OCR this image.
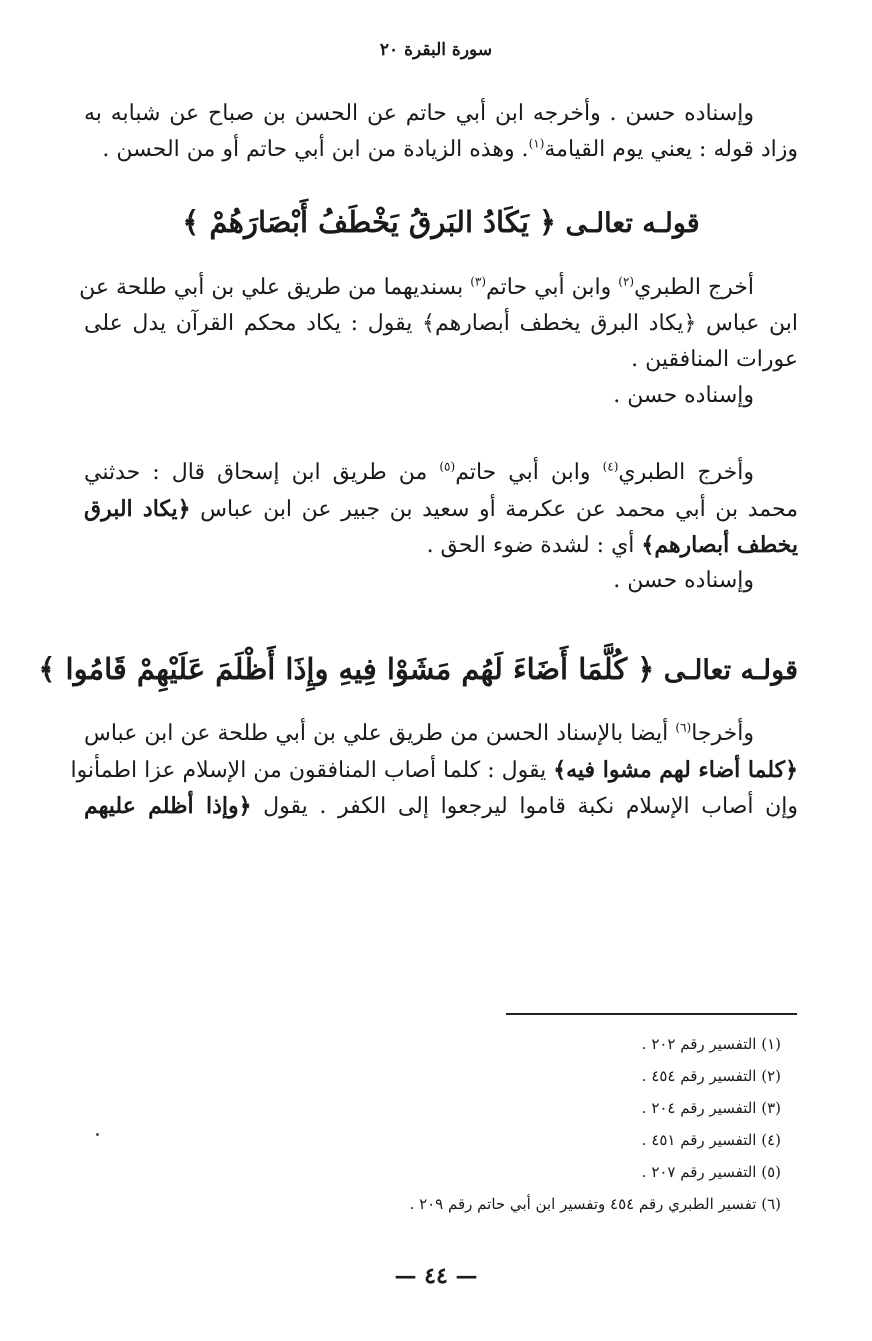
سورة البقرة ٢٠
وإسناده حسن . وأخرجه ابن أبي حاتم عن الحسن بن صباح عن شبابه به
وزاد قوله : يعني يوم القيامة$^{(١)}$. وهذه الزيادة من ابن أبي حاتم أو من الحسن .
قولـه تعالـى ﴿ يَكَادُ البَرقُ يَخْطَفُ أَبْصَارَهُمْ ﴾
أخرج الطبري$^{(٢)}$ وابن أبي حاتم$^{(٣)}$ بسنديهما من طريق علي بن أبي طلحة عن
ابن عباس ﴿يكاد البرق يخطف أبصارهم﴾ يقول : يكاد محكم القرآن يدل على
عورات المنافقين .
وإسناده حسن .
وأخرج الطبري$^{(٤)}$ وابن أبي حاتم$^{(٥)}$ من طريق ابن إسحاق قال : حدثني
محمد بن أبي محمد عن عكرمة أو سعيد بن جبير عن ابن عباس ﴿يكاد البرق
يخطف أبصارهم﴾ أي : لشدة ضوء الحق .
وإسناده حسن .
قولـه تعالـى ﴿ كُلَّمَا أَضَاءَ لَهُم مَشَوْا فِيهِ وإِذَا أَظْلَمَ عَلَيْهِمْ قَامُوا ﴾
وأخرجا$^{(٦)}$ أيضا بالإسناد الحسن من طريق علي بن أبي طلحة عن ابن عباس
﴿كلما أضاء لهم مشوا فيه﴾ يقول : كلما أصاب المنافقون من الإسلام عزا اطمأنوا
وإن أصاب الإسلام نكبة قاموا ليرجعوا إلى الكفر . يقول ﴿وإذا أظلم عليهم
(١) التفسير رقم ٢٠٢ .
(٢) التفسير رقم ٤٥٤ .
(٣) التفسير رقم ٢٠٤ .
(٤) التفسير رقم ٤٥١ .
(٥) التفسير رقم ٢٠٧ .
(٦) تفسير الطبري رقم ٤٥٤ وتفسير ابن أبي حاتم رقم ٢٠٩ .
— ٤٤ —
